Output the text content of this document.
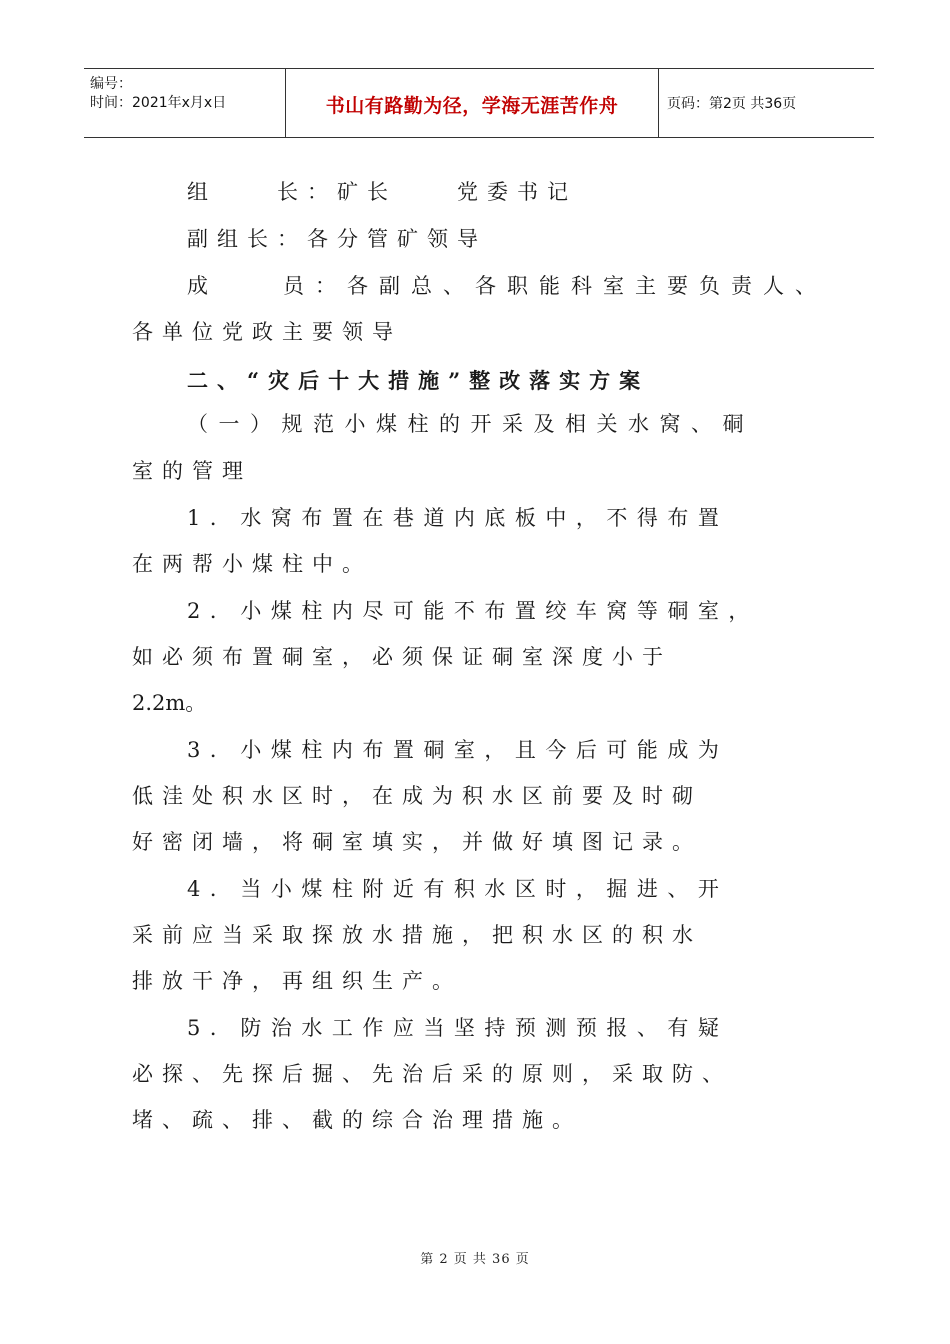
编号：
时间：2021年x月x日	书山有路勤为径，学海无涯苦作舟	页码：第2页 共36页
组　　长：矿长　　党委书记
副组长：各分管矿领导
成　　员：各副总、各职能科室主要负责人、
各单位党政主要领导
二、“灾后十大措施”整改落实方案
（一）规范小煤柱的开采及相关水窝、硐
室的管理
1．水窝布置在巷道内底板中，不得布置
在两帮小煤柱中。
2．小煤柱内尽可能不布置绞车窝等硐室，
如必须布置硐室，必须保证硐室深度小于
2.2m。
3．小煤柱内布置硐室，且今后可能成为
低洼处积水区时，在成为积水区前要及时砌
好密闭墙，将硐室填实，并做好填图记录。
4．当小煤柱附近有积水区时，掘进、开
采前应当采取探放水措施，把积水区的积水
排放干净，再组织生产。
5．防治水工作应当坚持预测预报、有疑
必探、先探后掘、先治后采的原则，采取防、
堵、疏、排、截的综合治理措施。
第 2 页 共 36 页
